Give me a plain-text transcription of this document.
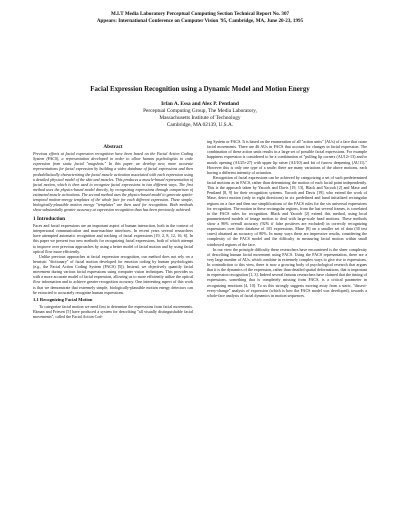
M.I.T Media Laboratory Perceptual Computing Section Technical Report No. 307
Appears: International Conference on Computer Vision '95, Cambridge, MA, June 20-23, 1995
Facial Expression Recognition using a Dynamic Model and Motion Energy
Irfan A. Essa and Alex P. Pentland
Perceptual Computing Group, The Media Laboratory,
Massachusetts Institute of Technology
Cambridge, MA 02139, U.S.A.
Abstract
Previous efforts at facial expression recognition have been based on the Facial Action Coding System (FACS), a representation developed in order to allow human psychologists to code expression from static facial "mugshots." In this paper we develop new, more accurate representations for facial expression by building a video database of facial expressions and then probabilistically characterizing the facial muscle activation associated with each expression using a detailed physical model of the skin and muscles. This produces a muscle-based representation of facial motion, which is then used to recognize facial expressions in two different ways. The first method uses the physics-based model directly, by recognizing expressions through comparison of estimated muscle activations. The second method uses the physics-based model to generate spatio-temporal motion-energy templates of the whole face for each different expression. These simple, biologically-plausible motion energy "templates" are then used for recognition. Both methods show substantially greater accuracy at expression recognition than has been previously achieved.
1 Introduction
Faces and facial expressions are an important aspect of human interaction, both in the context of interpersonal communication and man-machine interfaces. In recent years several researchers have attempted automatic recognition and tracking of facial expressions [19, 2, 8, 12, 16, 6]. In this paper we present two new methods for recognizing facial expressions, both of which attempt to improve over previous approaches by using a better model of facial motion and by using facial optical flow more efficiently.
Unlike previous approaches at facial expression recognition, our method does not rely on a heuristic "dictionary" of facial motion developed for emotion coding by human psychologists (e.g., the Facial Action Coding System (FACS) [5]). Instead, we objectively quantify facial movement during various facial expressions using computer vision techniques. This provides us with a more accurate model of facial expression, allowing us to more efficiently utilize the optical flow information and to achieve greater recognition accuracy. One interesting aspect of this work is that we demonstrate that extremely simple, biologically-plausible motion energy detectors can be extracted to accurately recognize human expressions.
1.1 Recognizing Facial Motion
To categorize facial motion we need first to determine the expressions from facial movements. Ekman and Friesen [5] have produced a system for describing "all visually distinguishable facial movements", called the Facial Action Cod-
ing System or FACS. It is based on the enumeration of all "action units" (AUs) of a face that cause facial movements. There are 46 AUs in FACS that account for changes in facial expression. The combination of these action units results in a large set of possible facial expressions. For example happiness expression is considered to be a combination of "pulling lip corners (AU12+13) and/or mouth opening (AU25+27) with upper lip raiser (AU10) and bit of furrow deepening (AU11)." However this is only one type of a smile; there are many variations of the above motions, each having a different intensity of actuation.
Recognition of facial expressions can be achieved by categorizing a set of such predetermined facial motions as in FACS, rather than determining the motion of each facial point independently. This is the approach taken by Yacoob and Davis [19, 13], Black and Yacoob [2] and Mase and Pentland [8, 9] for their recognition systems. Yacoob and Davis [19], who extend the work of Mase, detect motion (only in eight directions) in six predefined and hand initialized rectangular regions on a face and then use simplifications of the FACS rules for the six universal expressions for recognition. The motion in these rectangular regions, from the last several frames, is correlated to the FACS rules for recognition. Black and Yacoob [2] extend this method, using local parameterized models of image motion to deal with large-scale head motions. These methods show a 86% overall accuracy (92% if false positives are excluded) in correctly recognizing expressions over their database of 105 expressions. Mase [8] on a smaller set of data (30 test cases) obtained an accuracy of 80%. In many ways these are impressive results, considering the complexity of the FACS model and the difficulty in measuring facial motion within small windowed regions of the face.
In our view the principle difficulty these researchers have encountered is the sheer complexity of describing human facial movement using FACS. Using the FACS representation, there are a very large number of AUs, which combine in extremely complex ways to give rise to expressions. In contradiction to this view, there is now a growing body of psychological research that argues that it is the dynamics of the expression, rather than detailed spatial deformations, that is important in expression recognition [1, 3]. Indeed several famous researchers have claimed that the timing of expressions, something that is completely missing from FACS, is a critical parameter in recognizing emotions [4, 10]. To us this strongly suggests moving away from a static, "dissect-every-change" analysis of expression (which is how the FACS model was developed), towards a whole-face analysis of facial dynamics in motion sequences.
